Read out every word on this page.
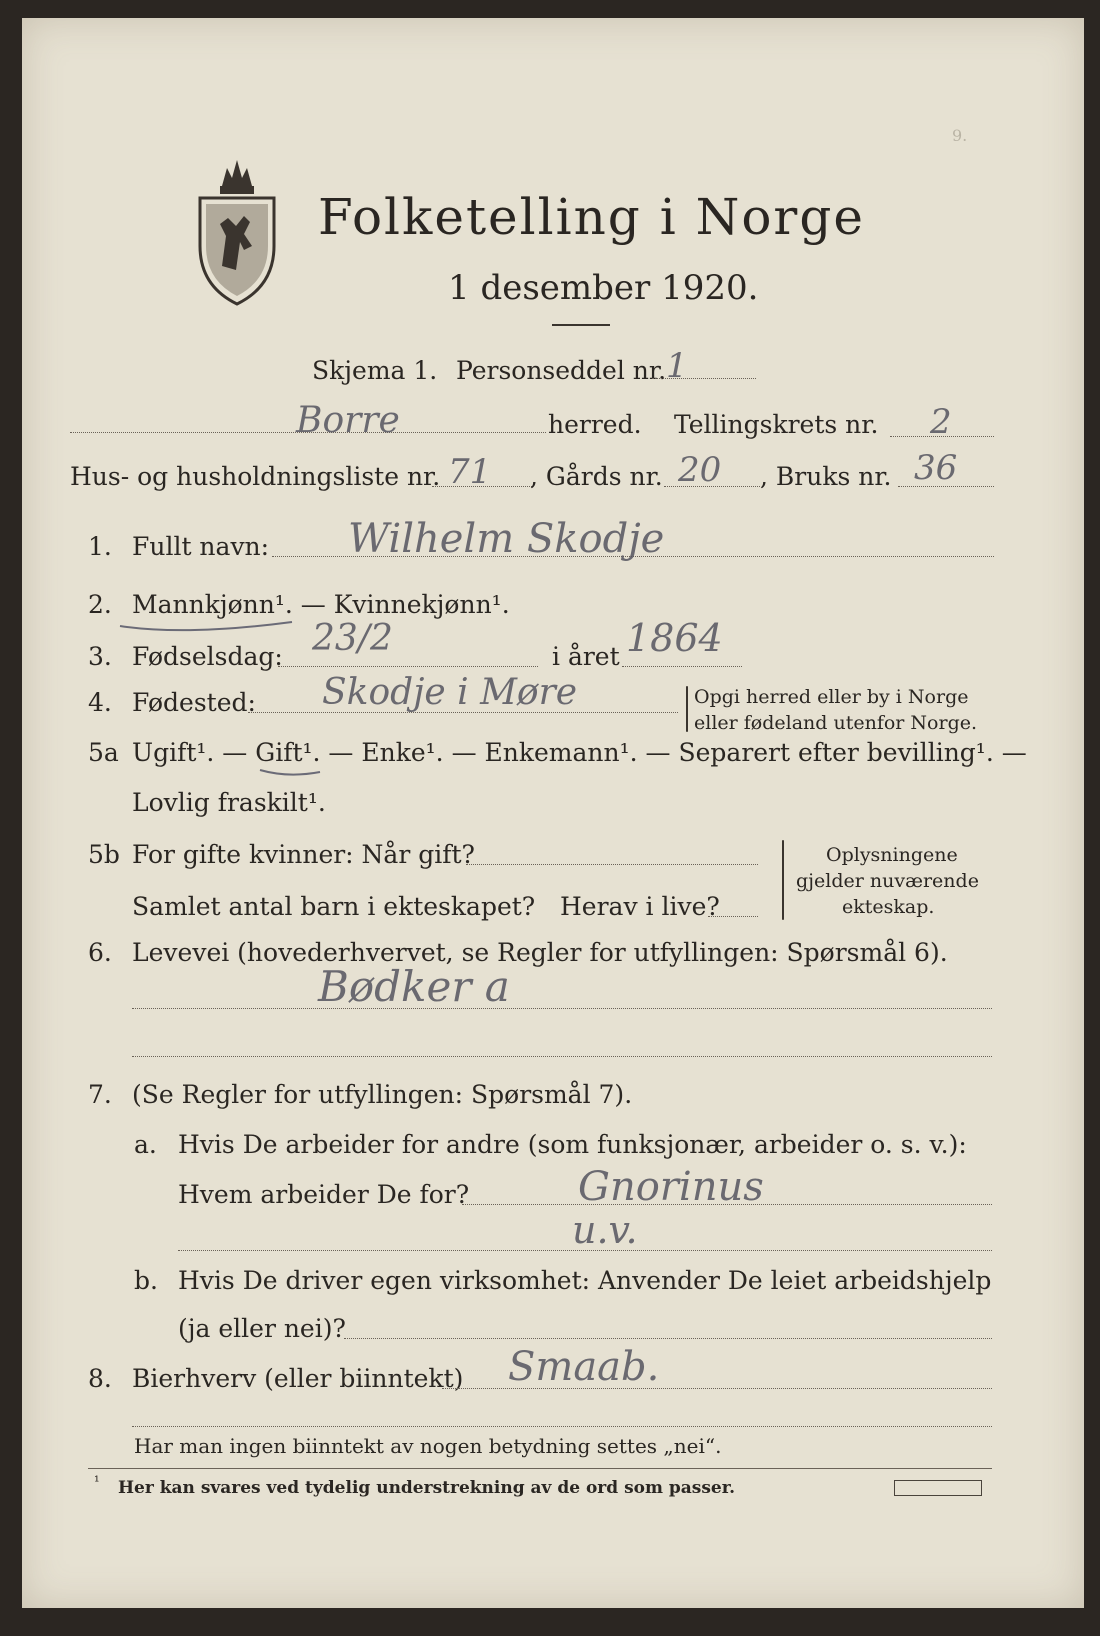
Folketelling i Norge
1 desember 1920.
9.
Skjema 1. Personseddel nr. 1
Borre	herred. Tellingskrets nr. 2
Hus- og husholdningsliste nr. 71 , Gårds nr. 20 , Bruks nr. 36
1. Fullt navn: Wilhelm Skodje
2. Mannkjønn¹. — Kvinnekjønn¹.
3. Fødselsdag: 23/2	i året 1864
4. Fødested: Skodje i Møre	Opgi herred eller by i Norge
eller fødeland utenfor Norge.
5a Ugift¹. — Gift¹. — Enke¹. — Enkemann¹. — Separert efter bevilling¹. —
Lovlig fraskilt¹.
5b For gifte kvinner: Når gift?
Samlet antal barn i ekteskapet? Herav i live?
Oplysningene
gjelder nuværende
ekteskap.
6. Levevei (hovederhvervet, se Regler for utfyllingen: Spørsmål 6).
Bødker a
7. (Se Regler for utfyllingen: Spørsmål 7).
a. Hvis De arbeider for andre (som funksjonær, arbeider o. s. v.):
Hvem arbeider De for?	Gnorinus
u.v.
b. Hvis De driver egen virksomhet: Anvender De leiet arbeidshjelp
(ja eller nei)?
8. Bierhverv (eller biinntekt) Smaab.
Har man ingen biinntekt av nogen betydning settes „nei“.
¹ Her kan svares ved tydelig understrekning av de ord som passer.
